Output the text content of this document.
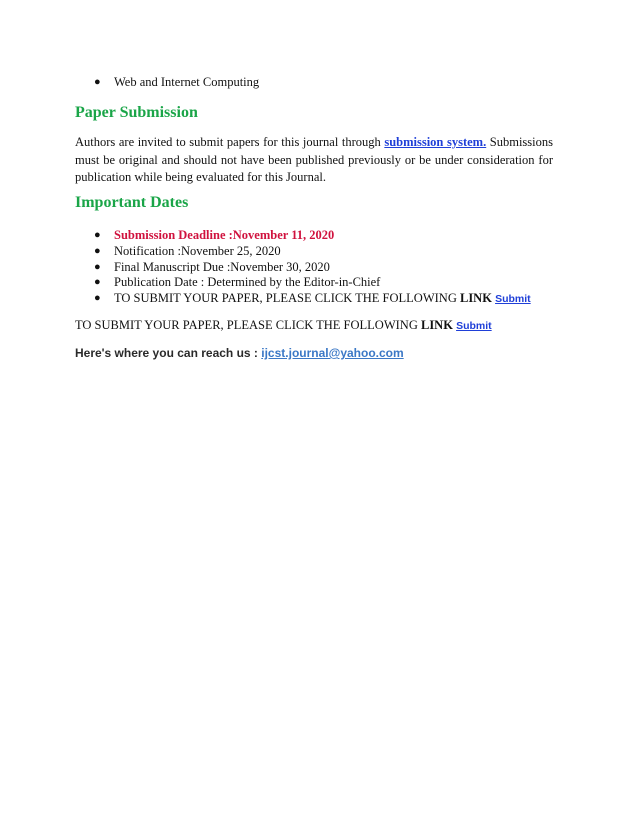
● Web and Internet Computing
Paper Submission

Authors are invited to submit papers for this journal through submission system. Submissions must be original and should not have been published previously or be under consideration for publication while being evaluated for this Journal.

Important Dates
● Submission Deadline :November 11, 2020
● Notification :November 25, 2020
● Final Manuscript Due :November 30, 2020
● Publication Date : Determined by the Editor-in-Chief
● TO SUBMIT YOUR PAPER, PLEASE CLICK THE FOLLOWING LINK Submit

TO SUBMIT YOUR PAPER, PLEASE CLICK THE FOLLOWING LINK Submit

Here's where you can reach us : ijcst.journal@yahoo.com
